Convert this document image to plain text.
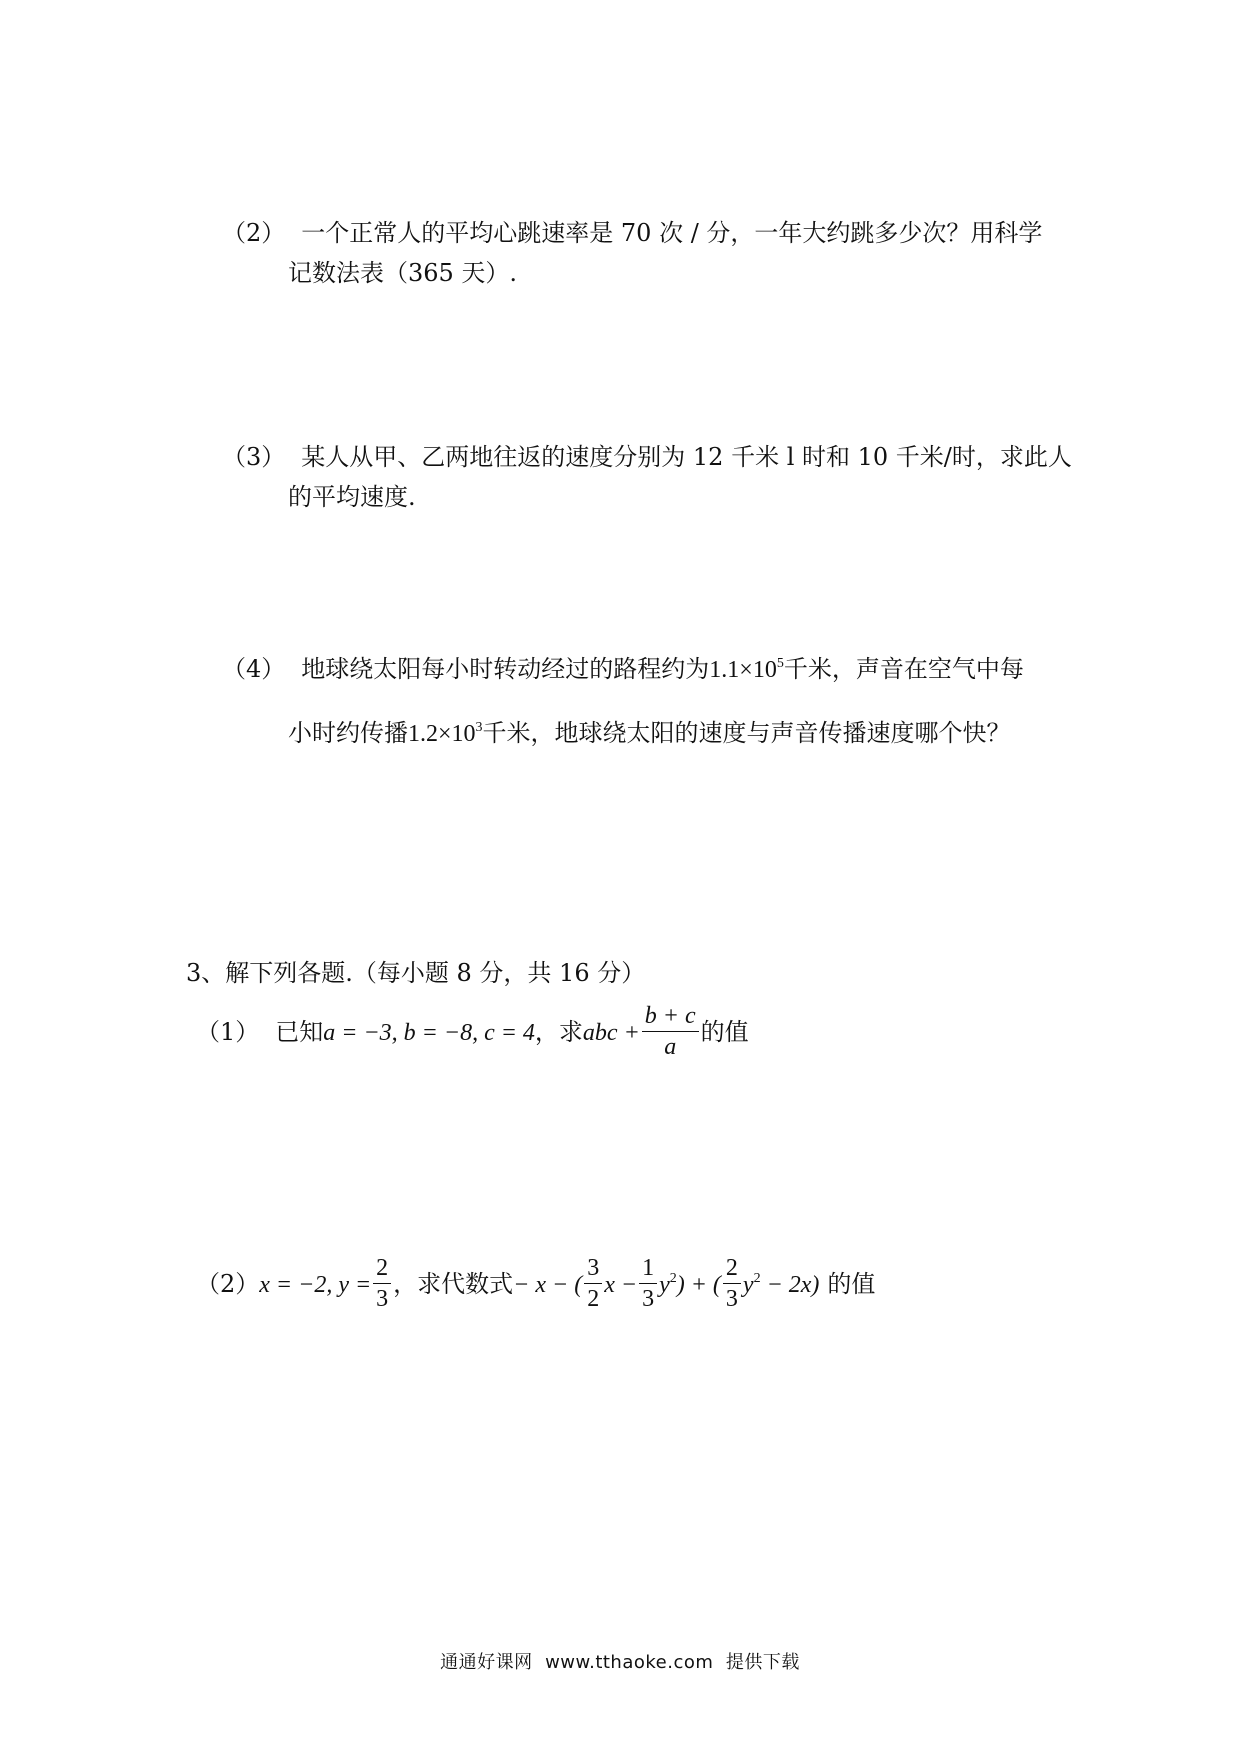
（2） 一个正常人的平均心跳速率是 70 次 / 分，一年大约跳多少次？用科学
记数法表（365 天）.
（3） 某人从甲、乙两地往返的速度分别为 12 千米 l 时和 10 千米/时，求此人
的平均速度.
（4） 地球绕太阳每小时转动经过的路程约为$1.1\times 10^5$千米，声音在空气中每
小时约传播$1.2\times 10^3$千米，地球绕太阳的速度与声音传播速度哪个快？
3、解下列各题.（每小题 8 分，共 16 分）
（1） 已知a = −3, b = −8, c = 4，求abc + $\frac{b + c}{a}$ 的值
（2）x = −2, $y = \frac{2}{3}$ ，求代数式− x − ( $\frac{3}{2}$ $x - \frac{1}{3} y^2$) + ( $\frac{2}{3} y^2 - 2x$) 的值
通通好课网  www.tthaoke.com  提供下载
